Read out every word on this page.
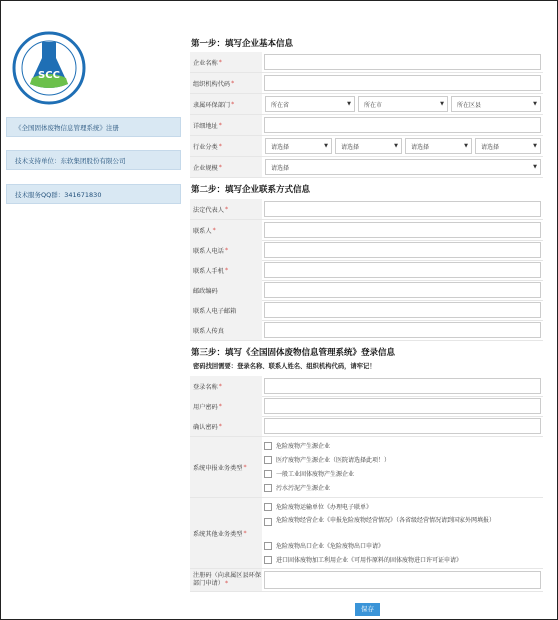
SCC
《全国固体废物信息管理系统》注册
技术支持单位：东软集团股份有限公司
技术服务QQ群：341671830
第一步：填写企业基本信息
企业名称 *
组织机构代码 *
隶属环保部门 *	所在省	▼ 所在市	▼ 所在区县	▼
详细地址 *
行业分类 *	请选择	▼ 请选择	▼ 请选择	▼ 请选择	▼
企业规模 *	请选择	▼
第二步：填写企业联系方式信息
法定代表人 *
联系人 *
联系人电话 *
联系人手机 *
邮政编码
联系人电子邮箱
联系人传真
第三步：填写《全国固体废物信息管理系统》登录信息
密码找回需要：登录名称、联系人姓名、组织机构代码，请牢记！
登录名称 *
用户密码 *
确认密码 *
系统申报业务类型 *
危险废物产生源企业
医疗废物产生源企业（医院请选择此项！）
一般工业固体废物产生源企业
污水污泥产生源企业
系统其他业务类型 *
危险废物运输单位《办理电子联单》
危险废物经营企业《申报危险废物经营情况》（各省级经营情况请到国家外网填报）
危险废物出口企业《危险废物出口申请》
进口固体废物加工利用企业《可用作原料的固体废物进口许可证申请》
注册码（向隶属区县环保部门申请）*
保存
